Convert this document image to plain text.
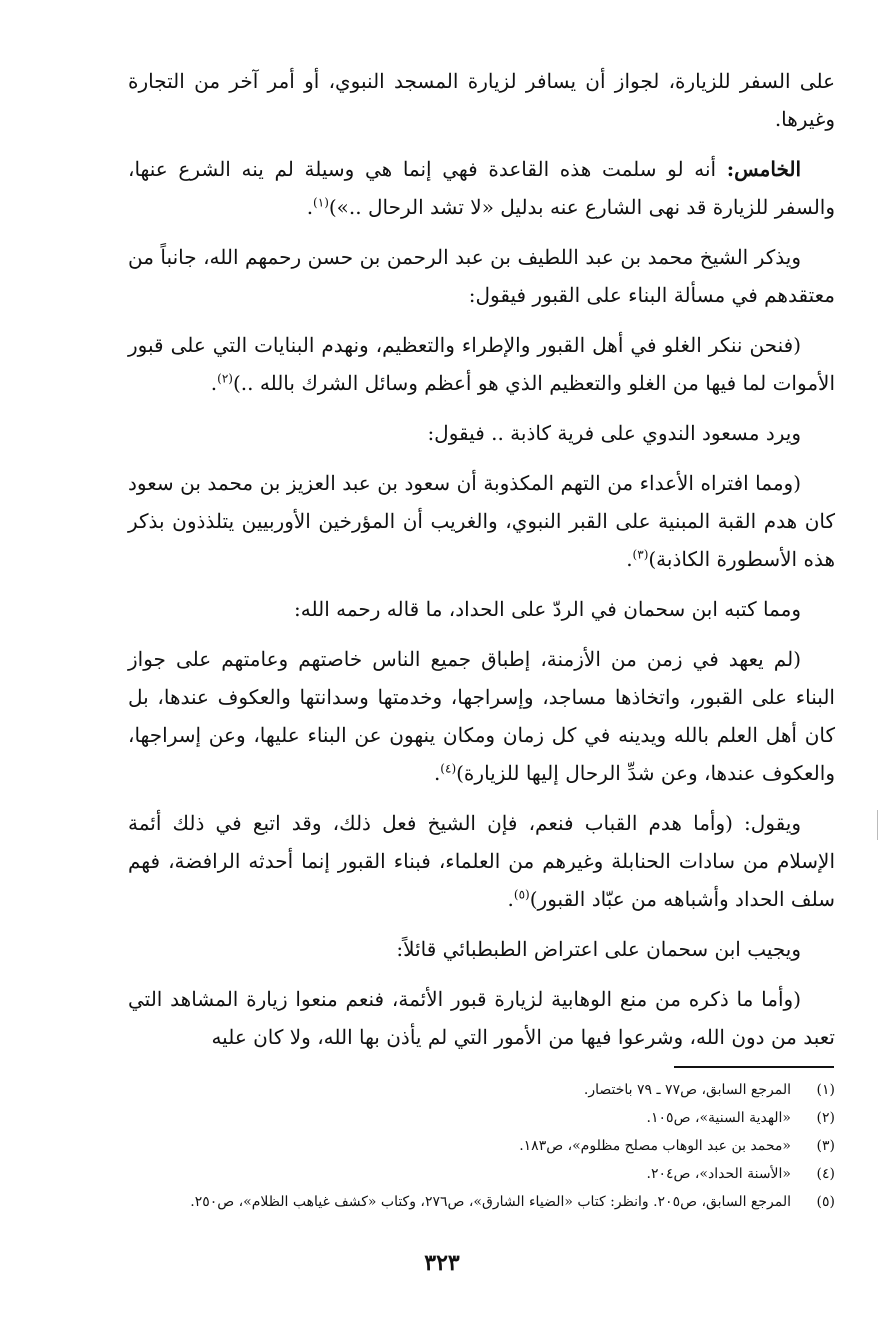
على السفر للزيارة، لجواز أن يسافر لزيارة المسجد النبوي، أو أمر آخر من التجارة وغيرها.

الخامس: أنه لو سلمت هذه القاعدة فهي إنما هي وسيلة لم ينه الشرع عنها، والسفر للزيارة قد نهى الشارع عنه بدليل «لا تشد الرحال ..»)$^{(١)}$.

ويذكر الشيخ محمد بن عبد اللطيف بن عبد الرحمن بن حسن رحمهم الله، جانباً من معتقدهم في مسألة البناء على القبور فيقول:

(فنحن ننكر الغلو في أهل القبور والإطراء والتعظيم، ونهدم البنايات التي على قبور الأموات لما فيها من الغلو والتعظيم الذي هو أعظم وسائل الشرك بالله ..)$^{(٢)}$.

ويرد مسعود الندوي على فرية كاذبة .. فيقول:

(ومما افتراه الأعداء من التهم المكذوبة أن سعود بن عبد العزيز بن محمد بن سعود كان هدم القبة المبنية على القبر النبوي، والغريب أن المؤرخين الأوربيين يتلذذون بذكر هذه الأسطورة الكاذبة)$^{(٣)}$.

ومما كتبه ابن سحمان في الردّ على الحداد، ما قاله رحمه الله:

(لم يعهد في زمن من الأزمنة، إطباق جميع الناس خاصتهم وعامتهم على جواز البناء على القبور، واتخاذها مساجد، وإسراجها، وخدمتها وسدانتها والعكوف عندها، بل كان أهل العلم بالله ويدينه في كل زمان ومكان ينهون عن البناء عليها، وعن إسراجها، والعكوف عندها، وعن شدِّ الرحال إليها للزيارة)$^{(٤)}$.

ويقول: (وأما هدم القباب فنعم، فإن الشيخ فعل ذلك، وقد اتبع في ذلك أئمة الإسلام من سادات الحنابلة وغيرهم من العلماء، فبناء القبور إنما أحدثه الرافضة، فهم سلف الحداد وأشباهه من عبّاد القبور)$^{(٥)}$.

ويجيب ابن سحمان على اعتراض الطبطبائي قائلاً:

(وأما ما ذكره من منع الوهابية لزيارة قبور الأئمة، فنعم منعوا زيارة المشاهد التي تعبد من دون الله، وشرعوا فيها من الأمور التي لم يأذن بها الله، ولا كان عليه

(١)
المرجع السابق، ص٧٧ ـ ٧٩ باختصار.
(٢)
«الهدية السنية»، ص١٠٥.
(٣)
«محمد بن عبد الوهاب مصلح مظلوم»، ص١٨٣.
(٤)
«الأسنة الحداد»، ص٢٠٤.
(٥)
المرجع السابق، ص٢٠٥. وانظر: كتاب «الضياء الشارق»، ص٢٧٦، وكتاب «كشف غياهب الظلام»، ص٢٥٠.
٣٢٣
